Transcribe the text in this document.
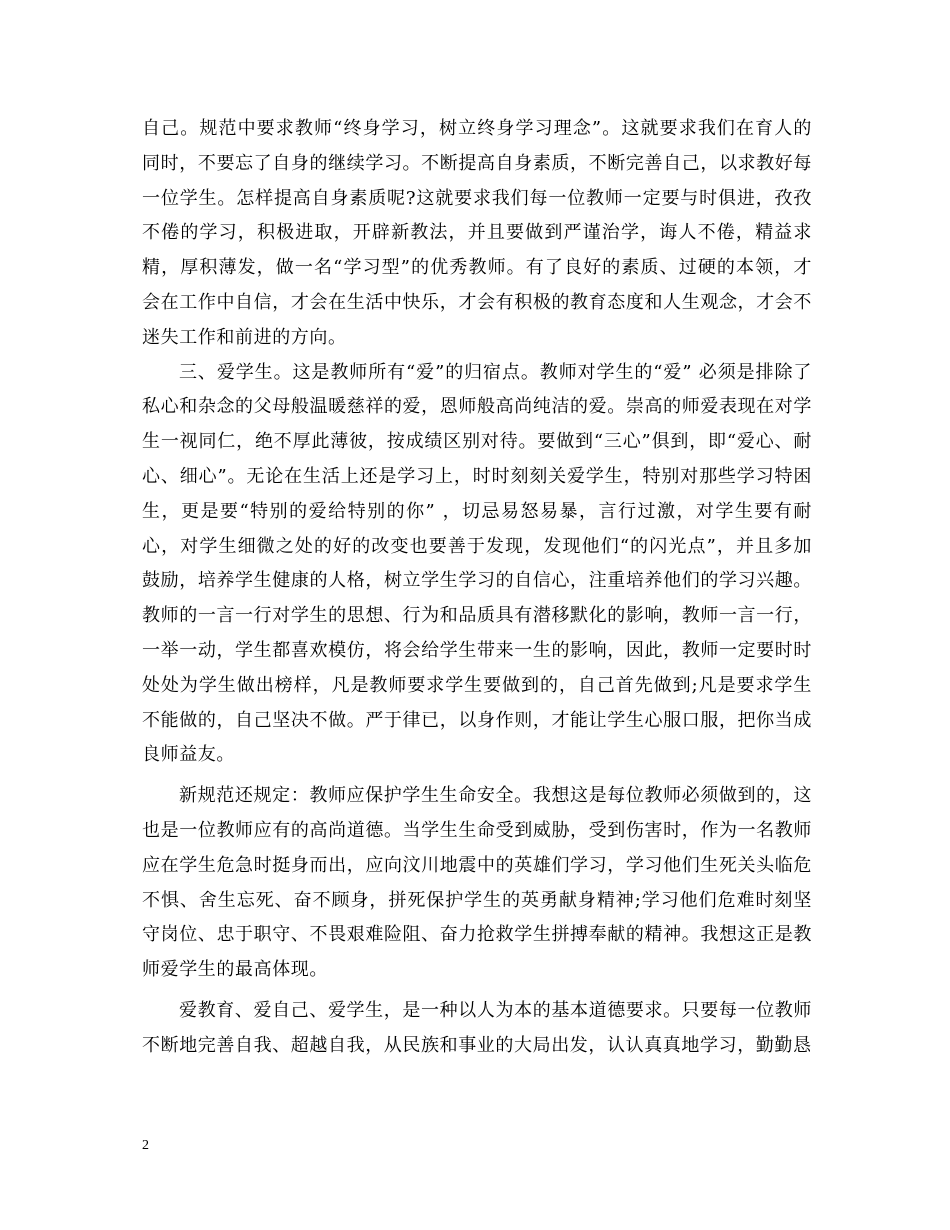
自己。规范中要求教师“终身学习，树立终身学习理念”。这就要求我们在育人的同时，不要忘了自身的继续学习。不断提高自身素质，不断完善自己，以求教好每一位学生。怎样提高自身素质呢?这就要求我们每一位教师一定要与时俱进，孜孜不倦的学习，积极进取，开辟新教法，并且要做到严谨治学，诲人不倦，精益求精，厚积薄发，做一名“学习型”的优秀教师。有了良好的素质、过硬的本领，才会在工作中自信，才会在生活中快乐，才会有积极的教育态度和人生观念，才会不迷失工作和前进的方向。

三、爱学生。这是教师所有“爱”的归宿点。教师对学生的“爱” 必须是排除了私心和杂念的父母般温暖慈祥的爱，恩师般高尚纯洁的爱。崇高的师爱表现在对学生一视同仁，绝不厚此薄彼，按成绩区别对待。要做到“三心”俱到，即“爱心、耐心、细心”。无论在生活上还是学习上，时时刻刻关爱学生，特别对那些学习特困生，更是要“特别的爱给特别的你” ，切忌易怒易暴，言行过激，对学生要有耐心，对学生细微之处的好的改变也要善于发现，发现他们“的闪光点”，并且多加鼓励，培养学生健康的人格，树立学生学习的自信心，注重培养他们的学习兴趣。教师的一言一行对学生的思想、行为和品质具有潜移默化的影响，教师一言一行，一举一动，学生都喜欢模仿，将会给学生带来一生的影响，因此，教师一定要时时处处为学生做出榜样，凡是教师要求学生要做到的，自己首先做到;凡是要求学生不能做的，自己坚决不做。严于律已，以身作则，才能让学生心服口服，把你当成良师益友。

新规范还规定：教师应保护学生生命安全。我想这是每位教师必须做到的，这也是一位教师应有的高尚道德。当学生生命受到威胁，受到伤害时，作为一名教师应在学生危急时挺身而出，应向汶川地震中的英雄们学习，学习他们生死关头临危不惧、舍生忘死、奋不顾身，拼死保护学生的英勇献身精神;学习他们危难时刻坚守岗位、忠于职守、不畏艰难险阻、奋力抢救学生拼搏奉献的精神。我想这正是教师爱学生的最高体现。

爱教育、爱自己、爱学生，是一种以人为本的基本道德要求。只要每一位教师不断地完善自我、超越自我，从民族和事业的大局出发，认认真真地学习，勤勤恳

2
